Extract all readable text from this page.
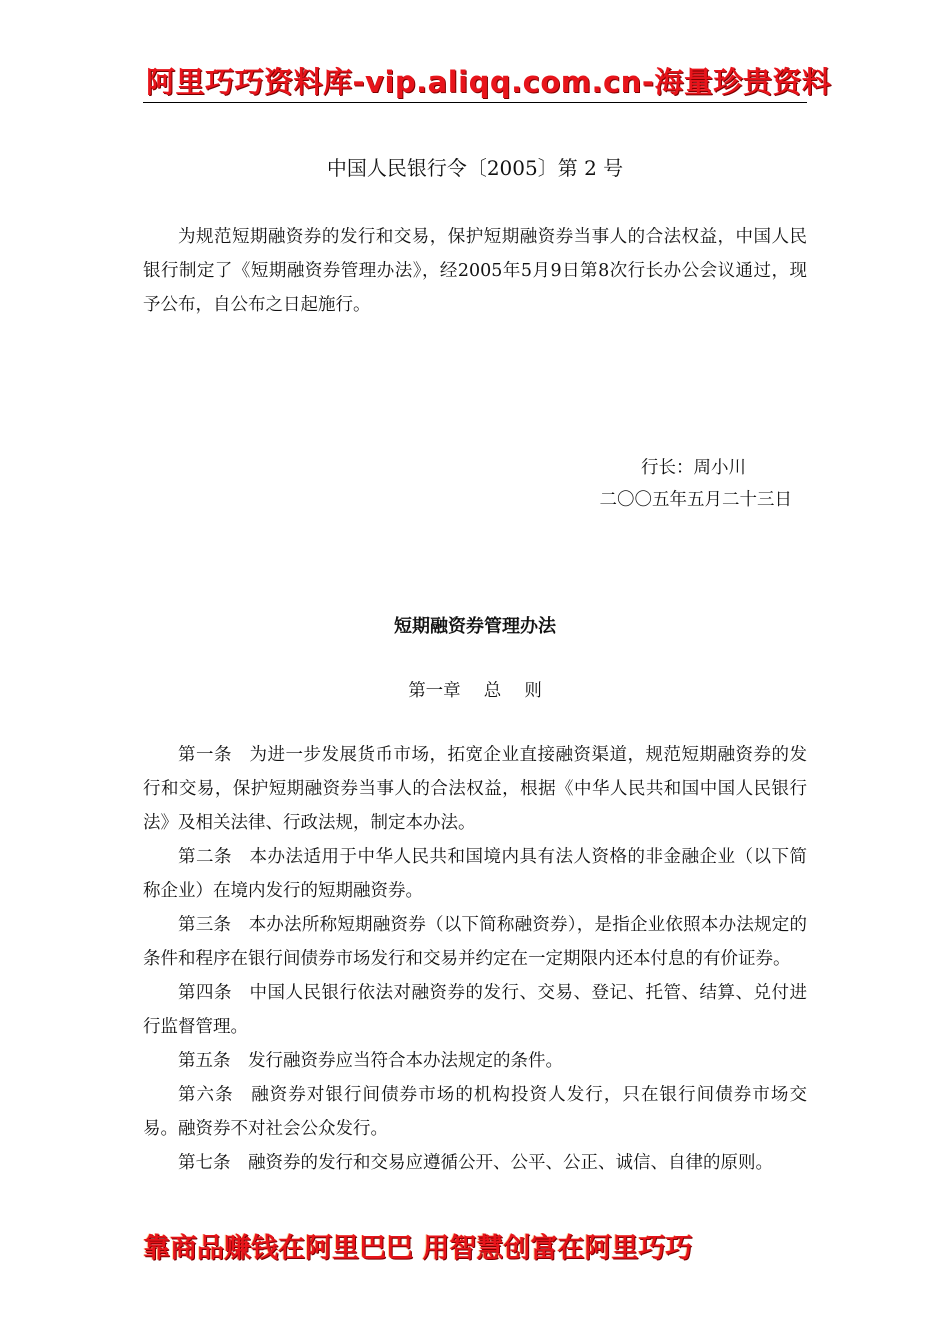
阿里巧巧资料库-vip.aliqq.com.cn-海量珍贵资料
中国人民银行令〔2005〕第 2 号

为规范短期融资券的发行和交易，保护短期融资券当事人的合法权益，中国人民银行制定了《短期融资券管理办法》，经2005年5月9日第8次行长办公会议通过，现予公布，自公布之日起施行。

行长：周小川
二〇〇五年五月二十三日
短期融资券管理办法
第一章　 总　 则

第一条 为进一步发展货币市场，拓宽企业直接融资渠道，规范短期融资券的发行和交易，保护短期融资券当事人的合法权益，根据《中华人民共和国中国人民银行法》及相关法律、行政法规，制定本办法。

第二条 本办法适用于中华人民共和国境内具有法人资格的非金融企业（以下简称企业）在境内发行的短期融资券。

第三条 本办法所称短期融资券（以下简称融资券），是指企业依照本办法规定的条件和程序在银行间债券市场发行和交易并约定在一定期限内还本付息的有价证券。

第四条 中国人民银行依法对融资券的发行、交易、登记、托管、结算、兑付进行监督管理。

第五条 发行融资券应当符合本办法规定的条件。

第六条 融资券对银行间债券市场的机构投资人发行，只在银行间债券市场交易。融资券不对社会公众发行。

第七条 融资券的发行和交易应遵循公开、公平、公正、诚信、自律的原则。

靠商品赚钱在阿里巴巴 用智慧创富在阿里巧巧
